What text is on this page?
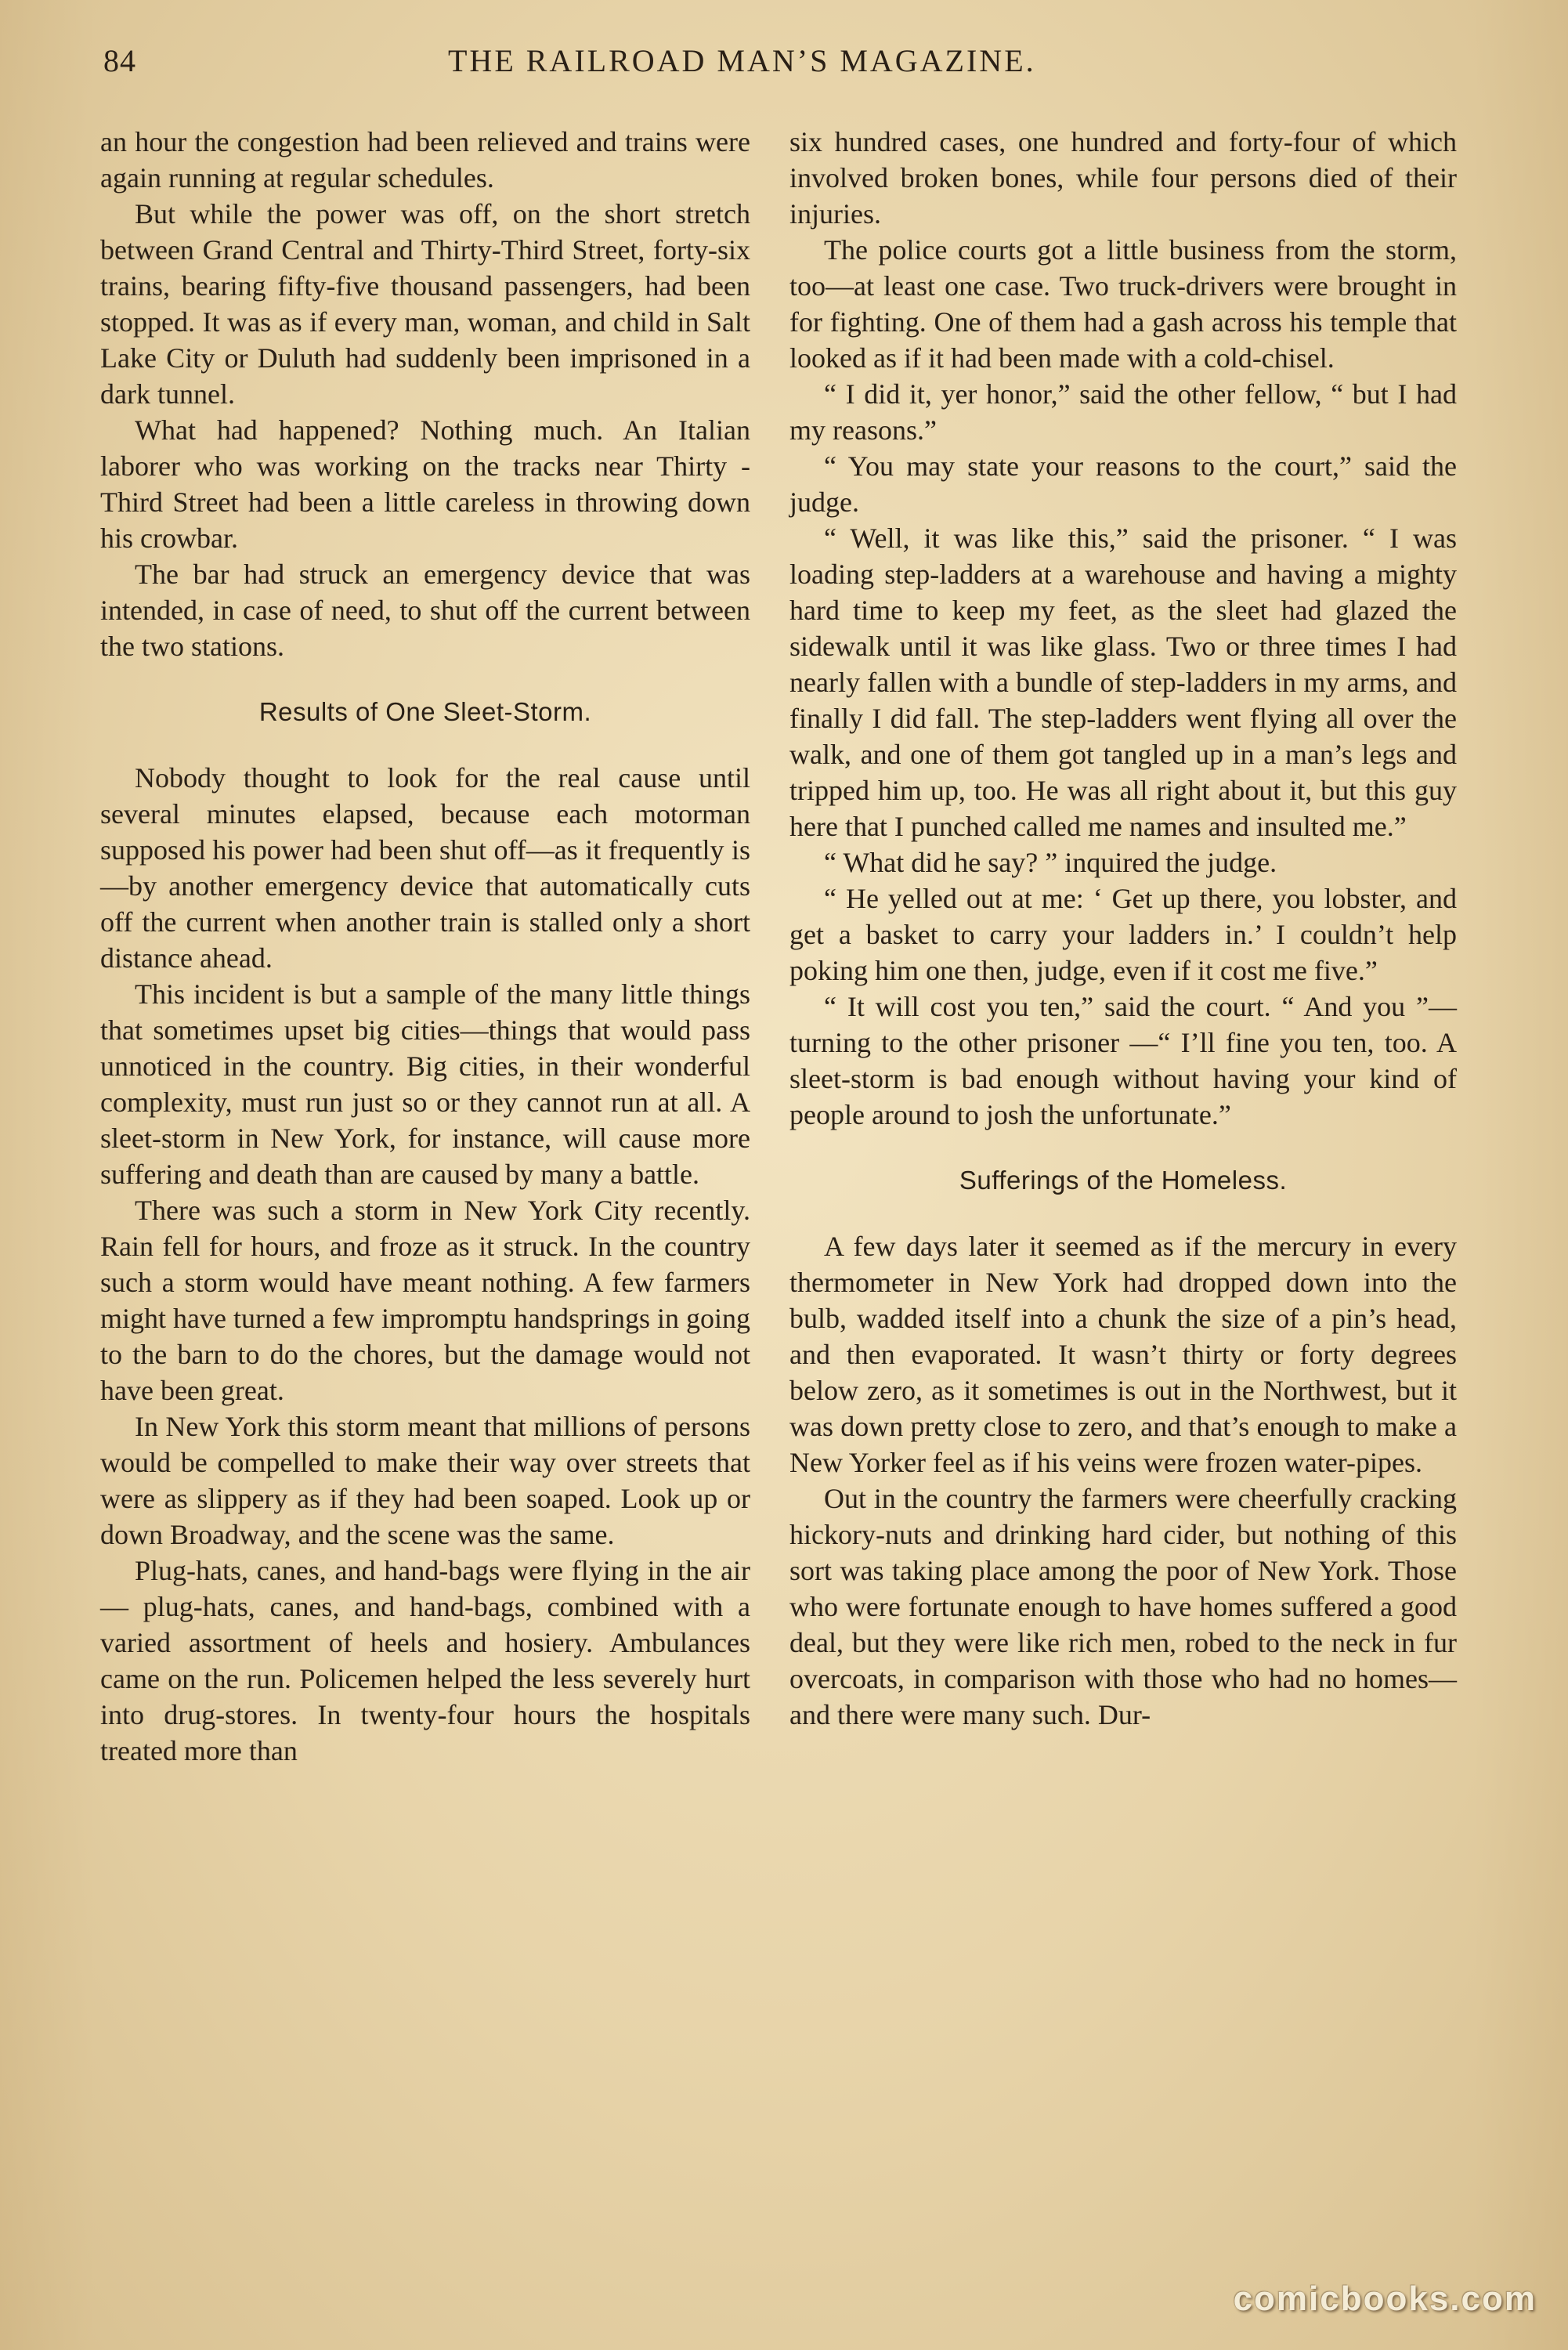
84	THE RAILROAD MAN’S MAGAZINE.

an hour the congestion had been relieved and trains were again running at regular schedules.

But while the power was off, on the short stretch between Grand Central and Thirty-Third Street, forty-six trains, bearing fifty-five thousand passengers, had been stopped. It was as if every man, woman, and child in Salt Lake City or Duluth had suddenly been imprisoned in a dark tunnel.

What had happened? Nothing much. An Italian laborer who was working on the tracks near Thirty - Third Street had been a little careless in throwing down his crowbar.

The bar had struck an emergency device that was intended, in case of need, to shut off the current between the two stations.

Results of One Sleet-Storm.

Nobody thought to look for the real cause until several minutes elapsed, because each motorman supposed his power had been shut off—as it frequently is—by another emergency device that automatically cuts off the current when another train is stalled only a short distance ahead.

This incident is but a sample of the many little things that sometimes upset big cities—things that would pass unnoticed in the country. Big cities, in their wonderful complexity, must run just so or they cannot run at all. A sleet-storm in New York, for instance, will cause more suffering and death than are caused by many a battle.

There was such a storm in New York City recently. Rain fell for hours, and froze as it struck. In the country such a storm would have meant nothing. A few farmers might have turned a few impromptu handsprings in going to the barn to do the chores, but the damage would not have been great.

In New York this storm meant that millions of persons would be compelled to make their way over streets that were as slippery as if they had been soaped. Look up or down Broadway, and the scene was the same.

Plug-hats, canes, and hand-bags were flying in the air — plug-hats, canes, and hand-bags, combined with a varied assortment of heels and hosiery. Ambulances came on the run. Policemen helped the less severely hurt into drug-stores. In twenty-four hours the hospitals treated more than

six hundred cases, one hundred and forty-four of which involved broken bones, while four persons died of their injuries.

The police courts got a little business from the storm, too—at least one case. Two truck-drivers were brought in for fighting. One of them had a gash across his temple that looked as if it had been made with a cold-chisel.

“ I did it, yer honor,” said the other fellow, “ but I had my reasons.”

“ You may state your reasons to the court,” said the judge.

“ Well, it was like this,” said the prisoner. “ I was loading step-ladders at a warehouse and having a mighty hard time to keep my feet, as the sleet had glazed the sidewalk until it was like glass. Two or three times I had nearly fallen with a bundle of step-ladders in my arms, and finally I did fall. The step-ladders went flying all over the walk, and one of them got tangled up in a man’s legs and tripped him up, too. He was all right about it, but this guy here that I punched called me names and insulted me.”

“ What did he say? ” inquired the judge.

“ He yelled out at me: ‘ Get up there, you lobster, and get a basket to carry your ladders in.’ I couldn’t help poking him one then, judge, even if it cost me five.”

“ It will cost you ten,” said the court. “ And you ”—turning to the other prisoner —“ I’ll fine you ten, too. A sleet-storm is bad enough without having your kind of people around to josh the unfortunate.”

Sufferings of the Homeless.

A few days later it seemed as if the mercury in every thermometer in New York had dropped down into the bulb, wadded itself into a chunk the size of a pin’s head, and then evaporated. It wasn’t thirty or forty degrees below zero, as it sometimes is out in the Northwest, but it was down pretty close to zero, and that’s enough to make a New Yorker feel as if his veins were frozen water-pipes.

Out in the country the farmers were cheerfully cracking hickory-nuts and drinking hard cider, but nothing of this sort was taking place among the poor of New York. Those who were fortunate enough to have homes suffered a good deal, but they were like rich men, robed to the neck in fur overcoats, in comparison with those who had no homes—and there were many such. Dur-

comicbooks.com
